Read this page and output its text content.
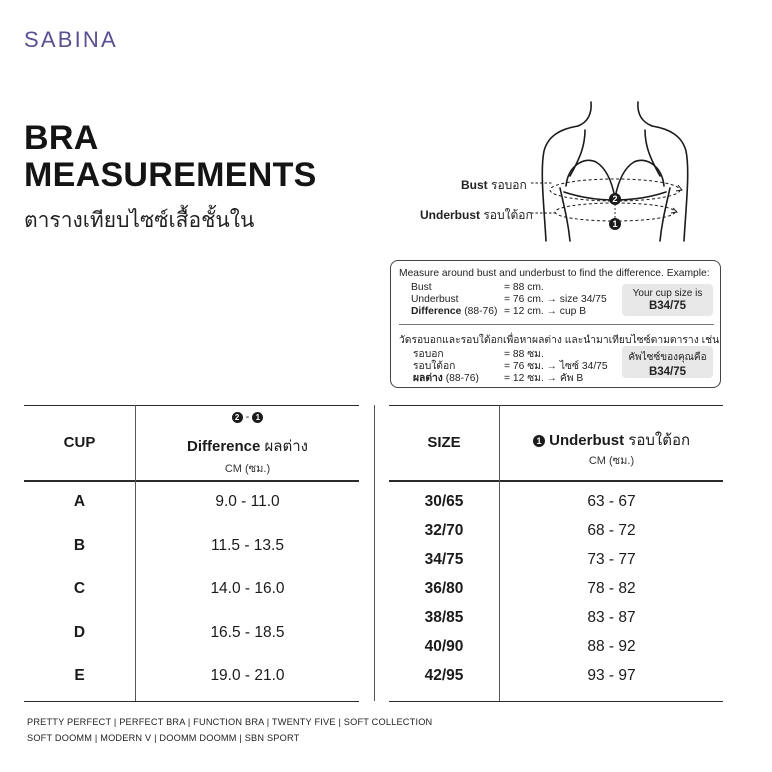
SABINA
BRA
MEASUREMENTS
ตารางเทียบไซซ์เสื้อชั้นใน
2
1
Bust รอบอก
Underbust รอบใต้อก
Measure around bust and underbust to find the difference. Example:
Bust	= 88 cm.
Underbust	= 76 cm. → size 34/75
Difference (88-76) = 12 cm. → cup B
Your cup size is
B34/75
วัดรอบอกและรอบใต้อกเพื่อหาผลต่าง และนำมาเทียบไซซ์ตามตาราง เช่น
รอบอก	= 88 ซม.
รอบใต้อก	= 76 ซม. → ไซซ์ 34/75
ผลต่าง (88-76) = 12 ซม. → คัพ B
คัพไซซ์ของคุณคือ
B34/75
CUP
2 - 1
Difference ผลต่าง
CM (ซม.)
A	9.0 - 11.0
B	11.5 - 13.5
C	14.0 - 16.0
D	16.5 - 18.5
E	19.0 - 21.0
SIZE	1 Underbust รอบใต้อก
CM (ซม.)
30/65	63 - 67
32/70	68 - 72
34/75	73 - 77
36/80	78 - 82
38/85	83 - 87
40/90	88 - 92
42/95	93 - 97
PRETTY PERFECT | PERFECT BRA | FUNCTION BRA | TWENTY FIVE | SOFT COLLECTION
SOFT DOOMM | MODERN V | DOOMM DOOMM | SBN SPORT
